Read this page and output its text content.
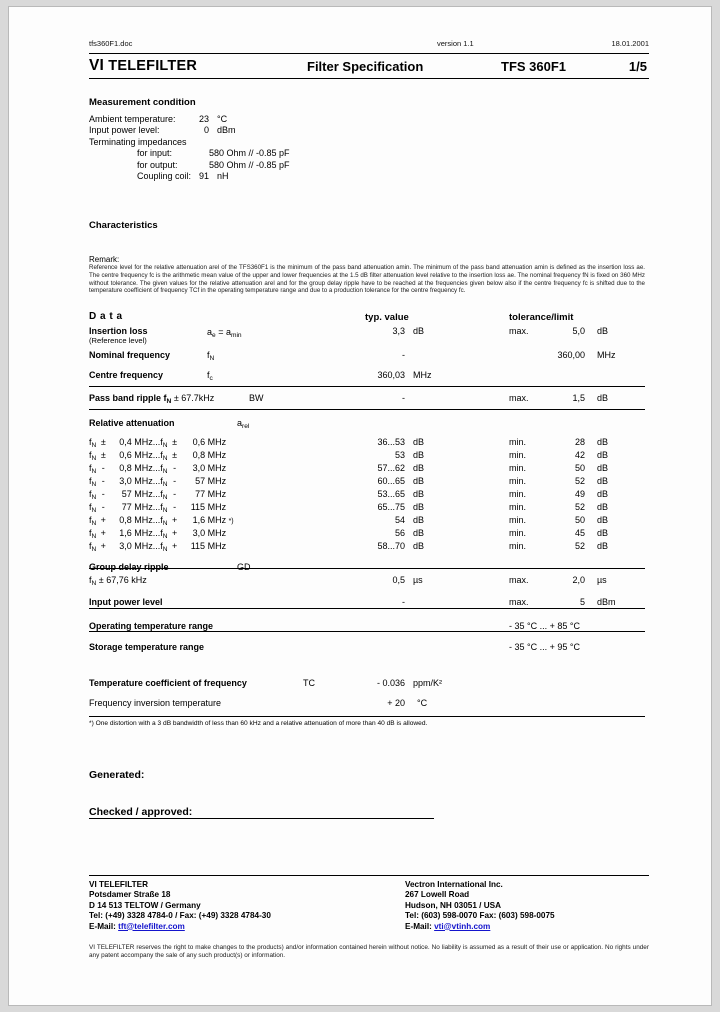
tfs360F1.doc	version 1.1	18.01.2001
VI TELEFILTER	Filter Specification	TFS 360F1	1/5
Measurement condition
Ambient temperature:	23 °C
Input power level:	0 dBm
Terminating impedances
for input:	580 Ohm // -0.85 pF
for output:	580 Ohm // -0.85 pF
Coupling coil: 91 nH
Characteristics
Remark:
Reference level for the relative attenuation arel of the TFS360F1 is the minimum of the pass band attenuation amin. The minimum of the pass band attenuation amin is defined as the insertion loss ae. The centre frequency fc is the arithmetic mean value of the upper and lower frequencies at the 1.5 dB filter attenuation level relative to the insertion loss ae. The nominal frequency fN is fixed on 360 MHz without tolerance. The given values for the relative attenuation arel and for the group delay ripple have to be reached at the frequencies given below also if the centre frequency fc is shifted due to the temperature coefficient of frequency TCf in the operating temperature range and due to a production tolerance for the centre frequency fc.
D a t a	typ. value	tolerance/limit
Insertion loss
(Reference level)
$a_e = a_{min}$	3,3 dB	max.	5,0 dB
Nominal frequency	$f_N$	-	360,00 MHz
Centre frequency	$f_c$	360,03 MHz
Pass band ripple $f_N \pm 67.7kHz$	BW	-	max.	1,5 dB
Relative attenuation	$a_{rel}$
$f_N \pm 0,4$ $MHz...f_N \pm 0,6$ MHz	36...53 dB	min.	28 dB
$f_N \pm 0,6$ $MHz...f_N \pm 0,8$ MHz	53 dB	min.	42 dB
$f_N - 0,8$ $MHz...f_N - 3,0$ MHz	57...62 dB	min.	50 dB
$f_N - 3,0$ $MHz...f_N - 57$ MHz	60...65 dB	min.	52 dB
$f_N - 57$ $MHz...f_N - 77$ MHz	53...65 dB	min.	49 dB
$f_N - 77$ $MHz...f_N - 115$ MHz	65...75 dB	min.	52 dB
$f_N + 0,8$ $MHz...f_N + 1,6$ MHz *)	54 dB	min.	50 dB
$f_N + 1,6$ $MHz...f_N + 3,0$ MHz	56 dB	min.	45 dB
$f_N + 3,0$ $MHz...f_N + 115$ MHz	58...70 dB	min.	52 dB
Group delay ripple	GD
$f_N \pm 67,76$ kHz	0,5 µs	max.	2,0 µs
Input power level	-	max.	5 dBm
Operating temperature range	- 35 °C ... + 85 °C
Storage temperature range	- 35 °C ... + 95 °C
Temperature coefficient of frequency	TC	- 0.036 ppm/K²
Frequency inversion temperature	+ 20 °C
*) One distortion with a 3 dB bandwidth of less than 60 kHz and a relative attenuation of more than 40 dB is allowed.
Generated:
Checked / approved:
VI TELEFILTER
Potsdamer Straße 18
D 14 513 TELTOW / Germany
Tel: (+49) 3328 4784-0 / Fax: (+49) 3328 4784-30
E-Mail: tft@telefilter.com
Vectron International Inc.
267 Lowell Road
Hudson, NH 03051 / USA
Tel: (603) 598-0070 Fax: (603) 598-0075
E-Mail: vti@vtinh.com
VI TELEFILTER reserves the right to make changes to the products) and/or information contained herein without notice. No liability is assumed as a result of their use or application. No rights under any patent accompany the sale of any such product(s) or information.
